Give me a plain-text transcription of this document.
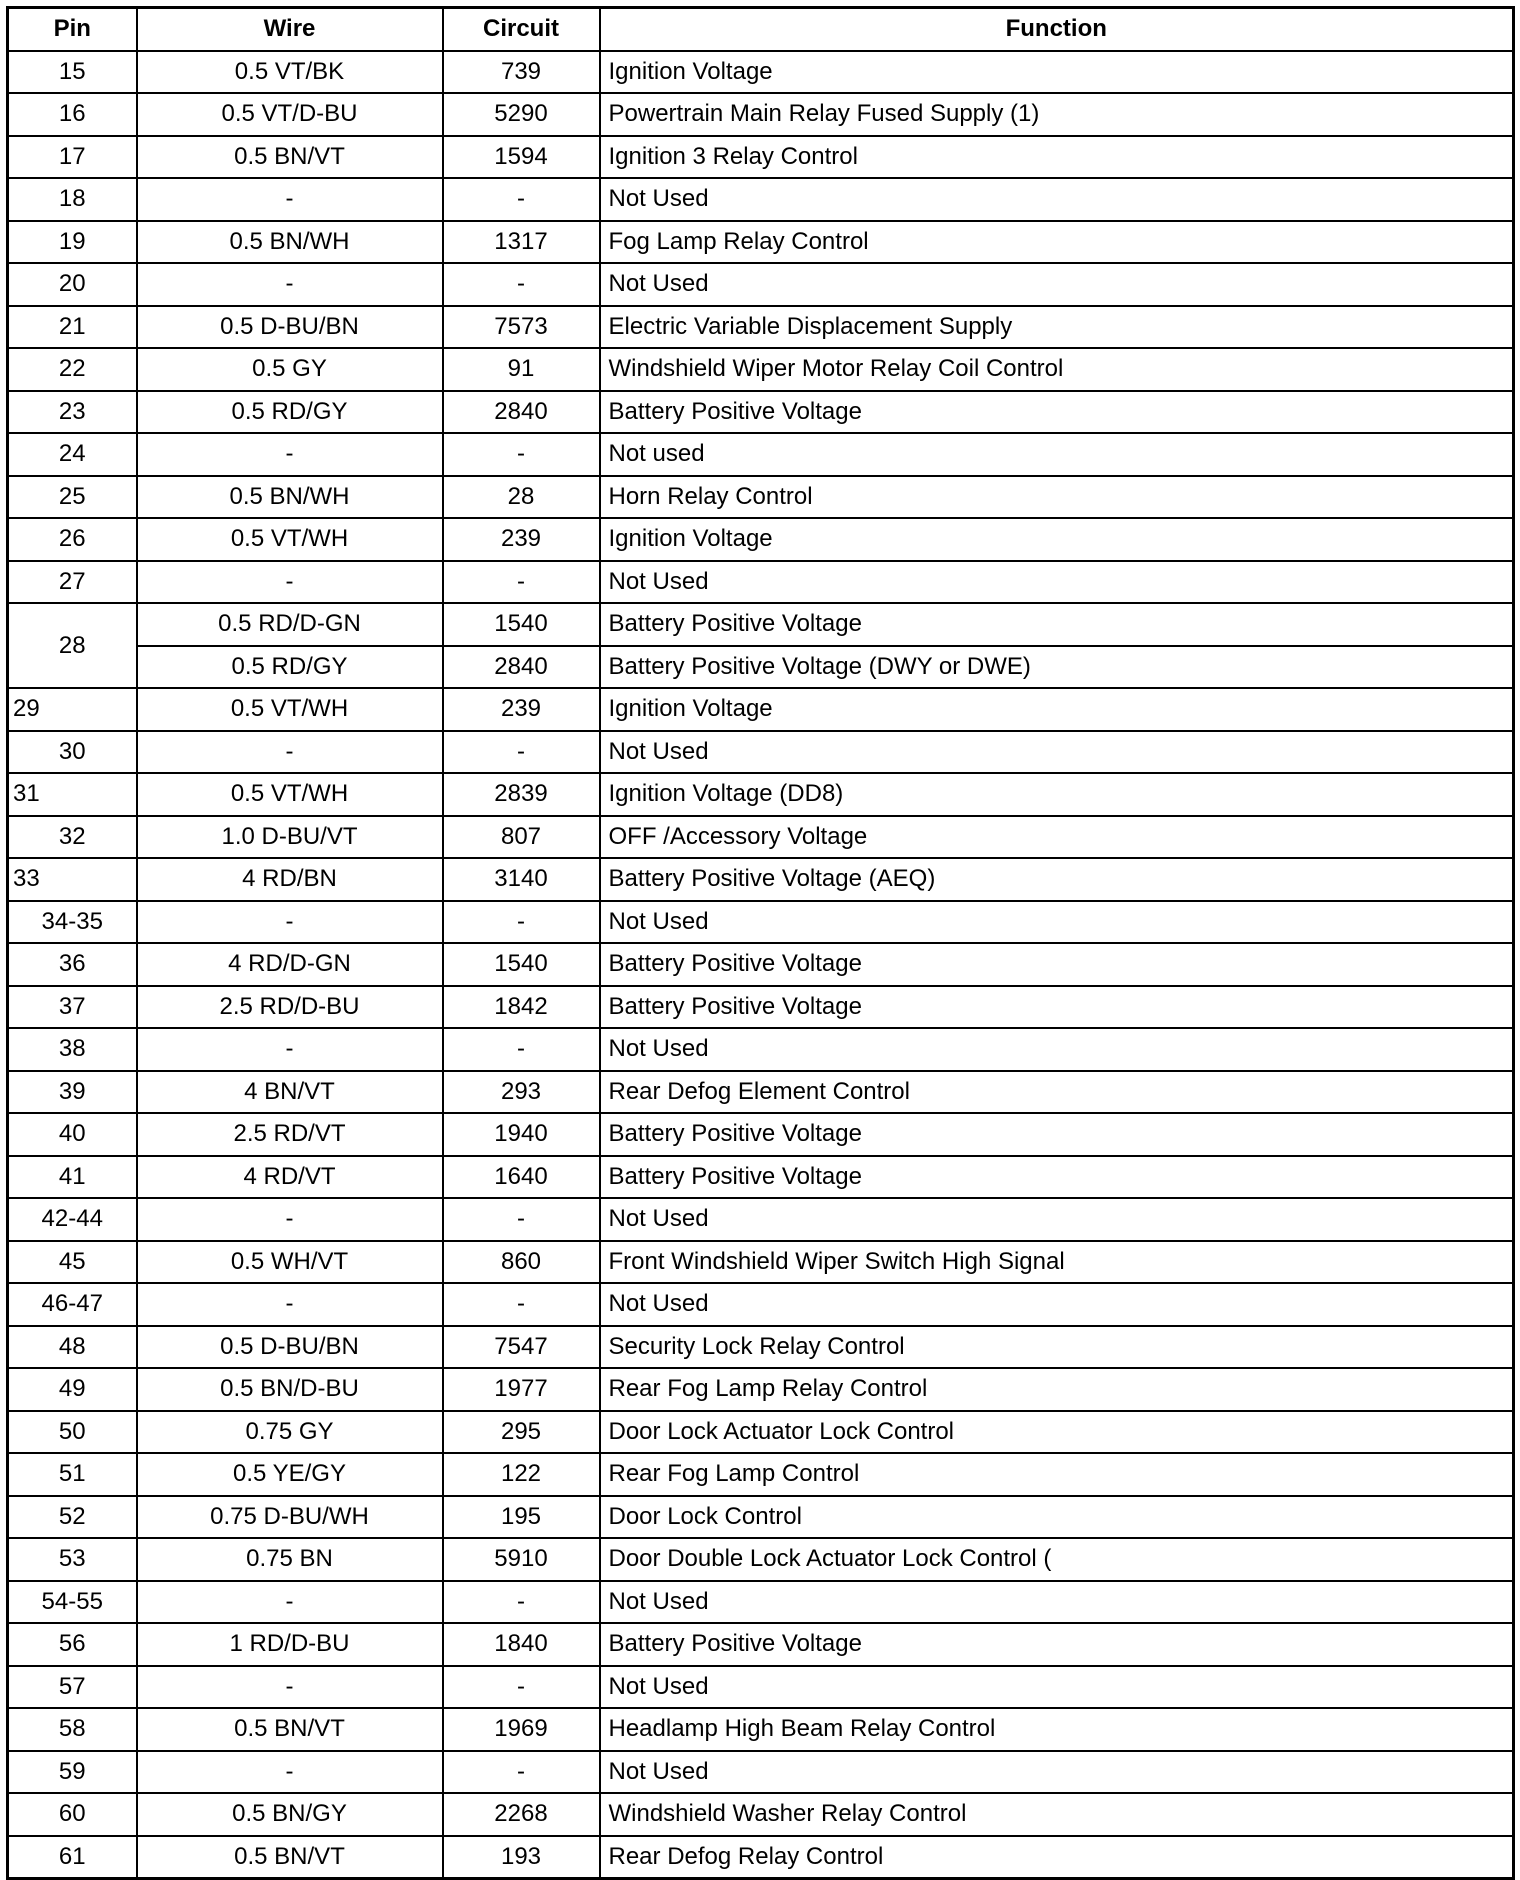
Pin	Wire	Circuit	Function
15	0.5 VT/BK	739	Ignition Voltage
16	0.5 VT/D-BU	5290	Powertrain Main Relay Fused Supply (1)
17	0.5 BN/VT	1594	Ignition 3 Relay Control
18	-	-	Not Used
19	0.5 BN/WH	1317	Fog Lamp Relay Control
20	-	-	Not Used
21	0.5 D-BU/BN	7573	Electric Variable Displacement Supply
22	0.5 GY	91	Windshield Wiper Motor Relay Coil Control
23	0.5 RD/GY	2840	Battery Positive Voltage
24	-	-	Not used
25	0.5 BN/WH	28	Horn Relay Control
26	0.5 VT/WH	239	Ignition Voltage
27	-	-	Not Used
28	0.5 RD/D-GN	1540	Battery Positive Voltage
	0.5 RD/GY	2840	Battery Positive Voltage (DWY or DWE)
29	0.5 VT/WH	239	Ignition Voltage
30	-	-	Not Used
31	0.5 VT/WH	2839	Ignition Voltage (DD8)
32	1.0 D-BU/VT	807	OFF /Accessory Voltage
33	4 RD/BN	3140	Battery Positive Voltage (AEQ)
34-35	-	-	Not Used
36	4 RD/D-GN	1540	Battery Positive Voltage
37	2.5 RD/D-BU	1842	Battery Positive Voltage
38	-	-	Not Used
39	4 BN/VT	293	Rear Defog Element Control
40	2.5 RD/VT	1940	Battery Positive Voltage
41	4 RD/VT	1640	Battery Positive Voltage
42-44	-	-	Not Used
45	0.5 WH/VT	860	Front Windshield Wiper Switch High Signal
46-47	-	-	Not Used
48	0.5 D-BU/BN	7547	Security Lock Relay Control
49	0.5 BN/D-BU	1977	Rear Fog Lamp Relay Control
50	0.75 GY	295	Door Lock Actuator Lock Control
51	0.5 YE/GY	122	Rear Fog Lamp Control
52	0.75 D-BU/WH	195	Door Lock Control
53	0.75 BN	5910	Door Double Lock Actuator Lock Control (
54-55	-	-	Not Used
56	1 RD/D-BU	1840	Battery Positive Voltage
57	-	-	Not Used
58	0.5 BN/VT	1969	Headlamp High Beam Relay Control
59	-	-	Not Used
60	0.5 BN/GY	2268	Windshield Washer Relay Control
61	0.5 BN/VT	193	Rear Defog Relay Control
